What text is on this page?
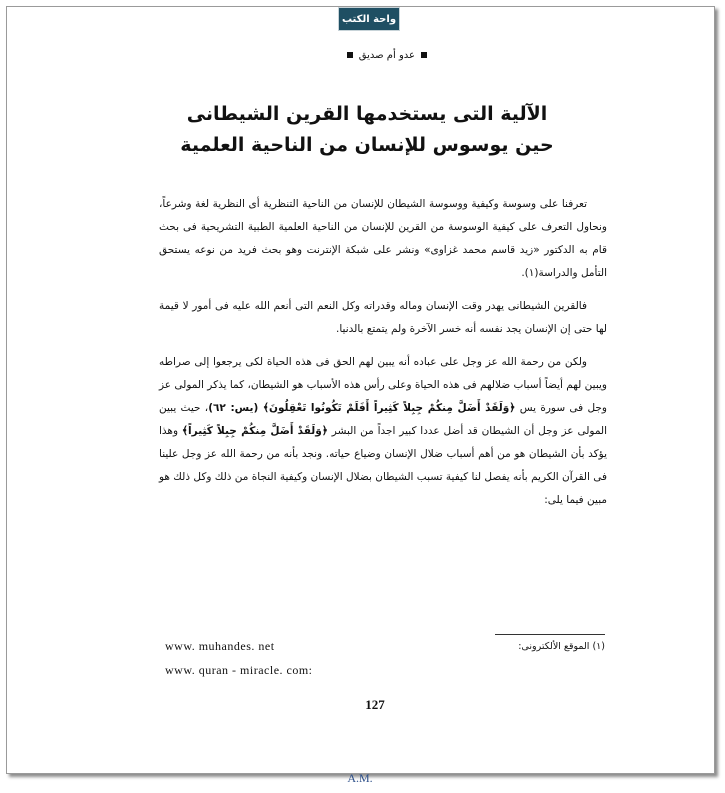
واحة الكتب
عدو أم صديق
الآلية التى يستخدمها القرين الشيطانى
حين يوسوس للإنسان من الناحية العلمية

تعرفنا على وسوسة وكيفية ووسوسة الشيطان للإنسان من الناحية التنظرية أى النظرية لغة وشرعاً، ونحاول التعرف على كيفية الوسوسة من القرين للإنسان من الناحية العلمية الطبية التشريحية فى بحث قام به الدكتور «زيد قاسم محمد غزاوى» ونشر على شبكة الإنترنت وهو بحث فريد من نوعه يستحق التأمل والدراسة(١).

فالقرين الشيطانى يهدر وقت الإنسان وماله وقدراته وكل النعم التى أنعم الله عليه فى أمور لا قيمة لها حتى إن الإنسان يجد نفسه أنه خسر الآخرة ولم يتمتع بالدنيا.

ولكن من رحمة الله عز وجل على عباده أنه يبين لهم الحق فى هذه الحياة لكى يرجعوا إلى صراطه ويبين لهم أيضاً أسباب ضلالهم فى هذه الحياة وعلى رأس هذه الأسباب هو الشيطان، كما يذكر المولى عز وجل فى سورة يس ﴿وَلَقَدْ أَضَلَّ مِنكُمْ جِبِلاً كَثِيراً أَفَلَمْ تَكُونُوا تَعْقِلُونَ﴾ (يس: ٦٢)، حيث يبين المولى عز وجل أن الشيطان قد أضل عددا كبير اجداً من البشر ﴿وَلَقَدْ أَضَلَّ مِنكُمْ جِبِلاً كَثِيراً﴾ وهذا يؤكد بأن الشيطان هو من أهم أسباب ضلال الإنسان وضياع حياته. ونجد بأنه من رحمة الله عز وجل علينا فى القرآن الكريم بأنه يفصل لنا كيفية تسبب الشيطان بضلال الإنسان وكيفية النجاة من ذلك وكل ذلك هو مبين فيما يلى:

(١) الموقع الألكترونى:
www. muhandes. net
www. quran - miracle. com:
127
A.M.
